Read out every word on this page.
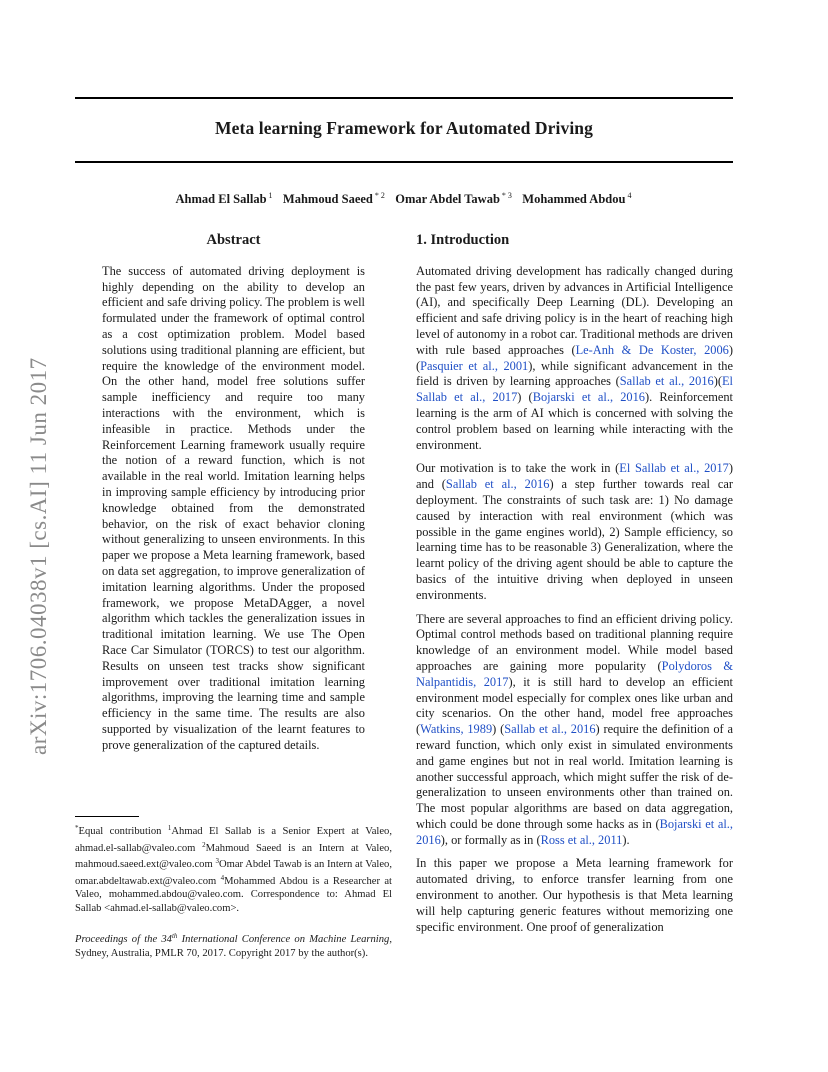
Meta learning Framework for Automated Driving
Ahmad El Sallab $^1$ Mahmoud Saeed $^{* 2}$ Omar Abdel Tawab $^{* 3}$ Mohammed Abdou $^4$
arXiv:1706.04038v1 [cs.AI] 11 Jun 2017
Abstract
The success of automated driving deployment is highly depending on the ability to develop an efficient and safe driving policy. The problem is well formulated under the framework of optimal control as a cost optimization problem. Model based solutions using traditional planning are efficient, but require the knowledge of the environment model. On the other hand, model free solutions suffer sample inefficiency and require too many interactions with the environment, which is infeasible in practice. Methods under the Reinforcement Learning framework usually require the notion of a reward function, which is not available in the real world. Imitation learning helps in improving sample efficiency by introducing prior knowledge obtained from the demonstrated behavior, on the risk of exact behavior cloning without generalizing to unseen environments. In this paper we propose a Meta learning framework, based on data set aggregation, to improve generalization of imitation learning algorithms. Under the proposed framework, we propose MetaDAgger, a novel algorithm which tackles the generalization issues in traditional imitation learning. We use The Open Race Car Simulator (TORCS) to test our algorithm. Results on unseen test tracks show significant improvement over traditional imitation learning algorithms, improving the learning time and sample efficiency in the same time. The results are also supported by visualization of the learnt features to prove generalization of the captured details.
*Equal contribution $^1$Ahmad El Sallab is a Senior Expert at Valeo, ahmad.el-sallab@valeo.com $^2$Mahmoud Saeed is an Intern at Valeo, mahmoud.saeed.ext@valeo.com $^3$Omar Abdel Tawab is an Intern at Valeo, omar.abdeltawab.ext@valeo.com $^4$Mohammed Abdou is a Researcher at Valeo, mohammed.abdou@valeo.com. Correspondence to: Ahmad El Sallab <ahmad.el-sallab@valeo.com>.
Proceedings of the 34th International Conference on Machine Learning, Sydney, Australia, PMLR 70, 2017. Copyright 2017 by the author(s).
1. Introduction
Automated driving development has radically changed during the past few years, driven by advances in Artificial Intelligence (AI), and specifically Deep Learning (DL). Developing an efficient and safe driving policy is in the heart of reaching high level of autonomy in a robot car. Traditional methods are driven with rule based approaches (Le-Anh & De Koster, 2006)(Pasquier et al., 2001), while significant advancement in the field is driven by learning approaches (Sallab et al., 2016)(El Sallab et al., 2017) (Bojarski et al., 2016). Reinforcement learning is the arm of AI which is concerned with solving the control problem based on learning while interacting with the environment.
Our motivation is to take the work in (El Sallab et al., 2017) and (Sallab et al., 2016) a step further towards real car deployment. The constraints of such task are: 1) No damage caused by interaction with real environment (which was possible in the game engines world), 2) Sample efficiency, so learning time has to be reasonable 3) Generalization, where the learnt policy of the driving agent should be able to capture the basics of the intuitive driving when deployed in unseen environments.
There are several approaches to find an efficient driving policy. Optimal control methods based on traditional planning require knowledge of an environment model. While model based approaches are gaining more popularity (Polydoros & Nalpantidis, 2017), it is still hard to develop an efficient environment model especially for complex ones like urban and city scenarios. On the other hand, model free approaches (Watkins, 1989) (Sallab et al., 2016) require the definition of a reward function, which only exist in simulated environments and game engines but not in real world. Imitation learning is another successful approach, which might suffer the risk of de-generalization to unseen environments other than trained on. The most popular algorithms are based on data aggregation, which could be done through some hacks as in (Bojarski et al., 2016), or formally as in (Ross et al., 2011).
In this paper we propose a Meta learning framework for automated driving, to enforce transfer learning from one environment to another. Our hypothesis is that Meta learning will help capturing generic features without memorizing one specific environment. One proof of generalization
